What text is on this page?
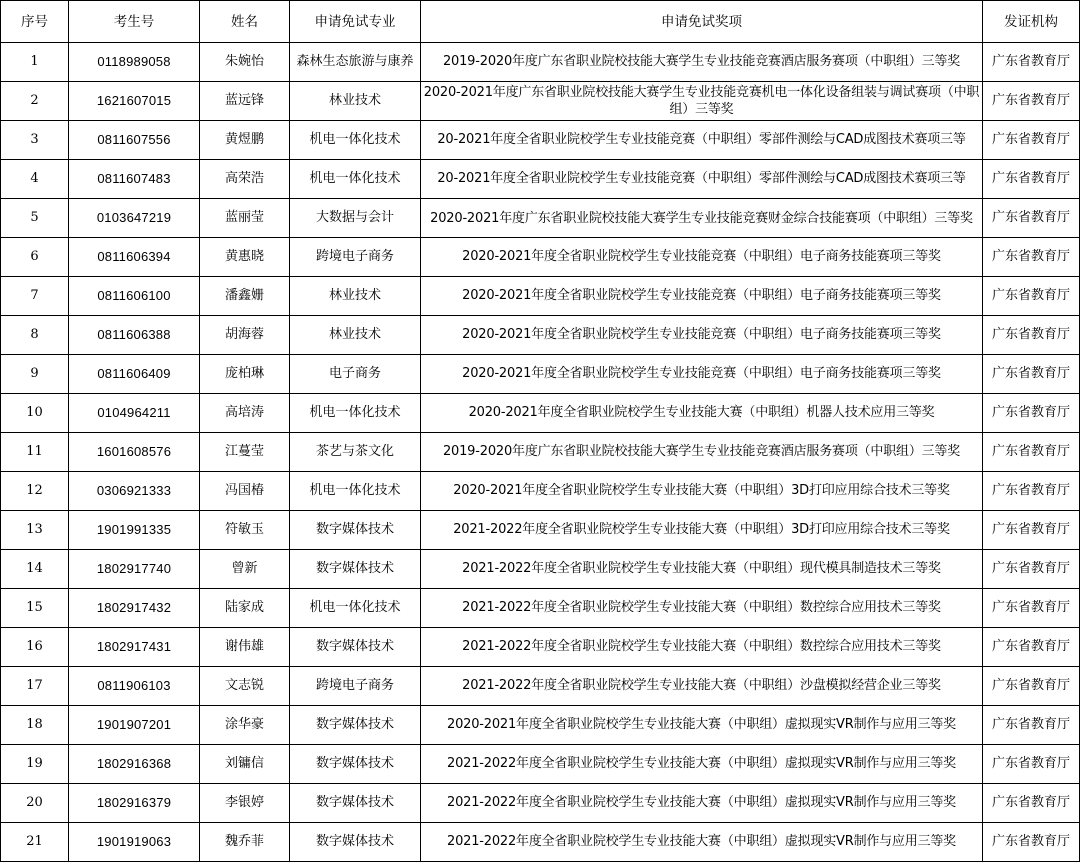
序号	考生号	姓名	申请免试专业	申请免试奖项	发证机构
1	0118989058	朱婉怡	森林生态旅游与康养	2019-2020年度广东省职业院校技能大赛学生专业技能竞赛酒店服务赛项（中职组）三等奖	广东省教育厅
2	1621607015	蓝远锋	林业技术	2020-2021年度广东省职业院校技能大赛学生专业技能竞赛机电一体化设备组装与调试赛项（中职组）三等奖	广东省教育厅
3	0811607556	黄煜鹏	机电一体化技术	20-2021年度全省职业院校学生专业技能竞赛（中职组）零部件测绘与CAD成图技术赛项三等	广东省教育厅
4	0811607483	高荣浩	机电一体化技术	20-2021年度全省职业院校学生专业技能竞赛（中职组）零部件测绘与CAD成图技术赛项三等	广东省教育厅
5	0103647219	蓝丽莹	大数据与会计	2020-2021年度广东省职业院校技能大赛学生专业技能竞赛财金综合技能赛项（中职组）三等奖	广东省教育厅
6	0811606394	黄惠晓	跨境电子商务	2020-2021年度全省职业院校学生专业技能竞赛（中职组）电子商务技能赛项三等奖	广东省教育厅
7	0811606100	潘鑫姗	林业技术	2020-2021年度全省职业院校学生专业技能竞赛（中职组）电子商务技能赛项三等奖	广东省教育厅
8	0811606388	胡海蓉	林业技术	2020-2021年度全省职业院校学生专业技能竞赛（中职组）电子商务技能赛项三等奖	广东省教育厅
9	0811606409	庞柏琳	电子商务	2020-2021年度全省职业院校学生专业技能竞赛（中职组）电子商务技能赛项三等奖	广东省教育厅
10	0104964211	高培涛	机电一体化技术	2020-2021年度全省职业院校学生专业技能大赛（中职组）机器人技术应用三等奖	广东省教育厅
11	1601608576	江蔓莹	茶艺与茶文化	2019-2020年度广东省职业院校技能大赛学生专业技能竞赛酒店服务赛项（中职组）三等奖	广东省教育厅
12	0306921333	冯国椿	机电一体化技术	2020-2021年度全省职业院校学生专业技能大赛（中职组）3D打印应用综合技术三等奖	广东省教育厅
13	1901991335	符敏玉	数字媒体技术	2021-2022年度全省职业院校学生专业技能大赛（中职组）3D打印应用综合技术三等奖	广东省教育厅
14	1802917740	曾新	数字媒体技术	2021-2022年度全省职业院校学生专业技能大赛（中职组）现代模具制造技术三等奖	广东省教育厅
15	1802917432	陆家成	机电一体化技术	2021-2022年度全省职业院校学生专业技能大赛（中职组）数控综合应用技术三等奖	广东省教育厅
16	1802917431	谢伟雄	数字媒体技术	2021-2022年度全省职业院校学生专业技能大赛（中职组）数控综合应用技术三等奖	广东省教育厅
17	0811906103	文志锐	跨境电子商务	2021-2022年度全省职业院校学生专业技能大赛（中职组）沙盘模拟经营企业三等奖	广东省教育厅
18	1901907201	涂华豪	数字媒体技术	2020-2021年度全省职业院校学生专业技能大赛（中职组）虚拟现实VR制作与应用三等奖	广东省教育厅
19	1802916368	刘镛信	数字媒体技术	2021-2022年度全省职业院校学生专业技能大赛（中职组）虚拟现实VR制作与应用三等奖	广东省教育厅
20	1802916379	李银婷	数字媒体技术	2021-2022年度全省职业院校学生专业技能大赛（中职组）虚拟现实VR制作与应用三等奖	广东省教育厅
21	1901919063	魏乔菲	数字媒体技术	2021-2022年度全省职业院校学生专业技能大赛（中职组）虚拟现实VR制作与应用三等奖	广东省教育厅
